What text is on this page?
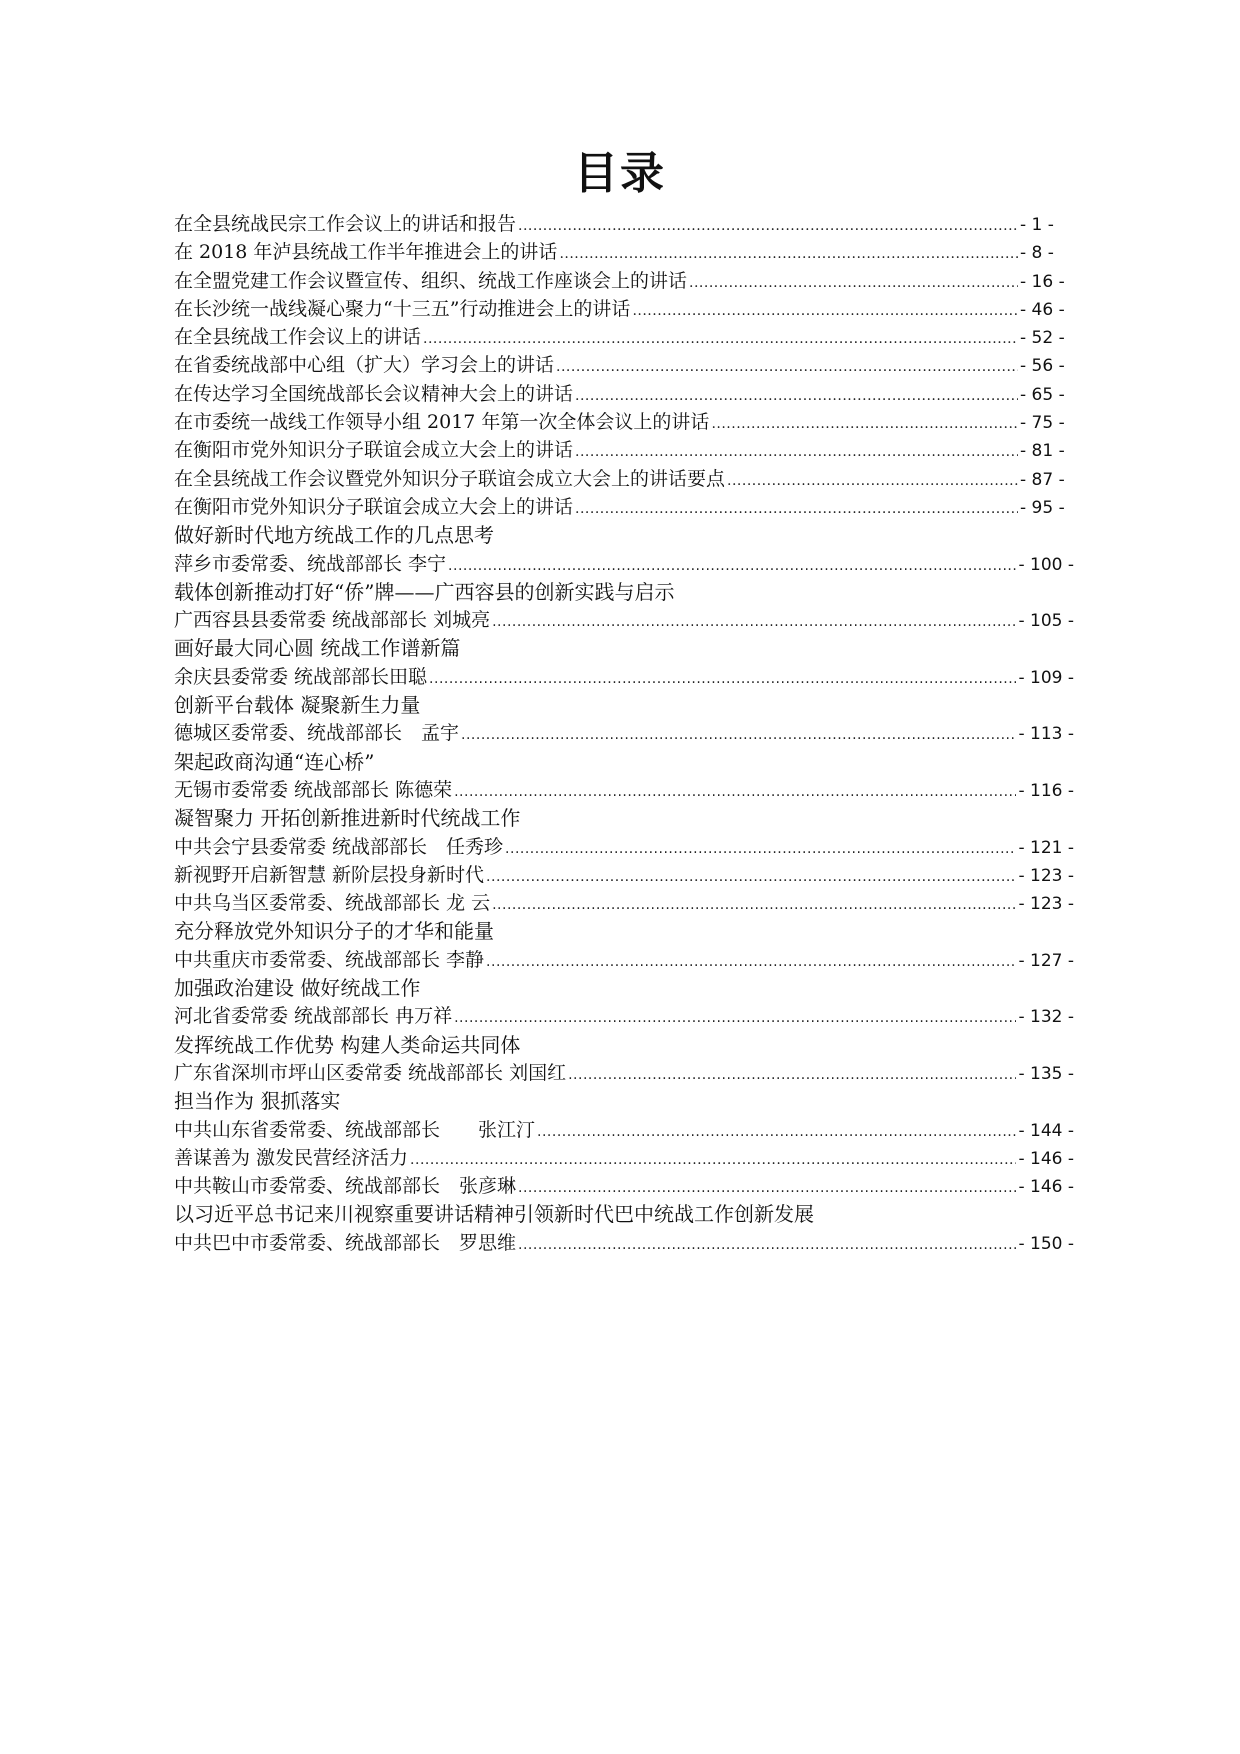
目录
在全县统战民宗工作会议上的讲话和报告 .....	- 1 -
在 2018 年泸县统战工作半年推进会上的讲话 .....	- 8 -
在全盟党建工作会议暨宣传、组织、统战工作座谈会上的讲话 .....	- 16 -
在长沙统一战线凝心聚力“十三五”行动推进会上的讲话 .....	- 46 -
在全县统战工作会议上的讲话 .....	- 52 -
在省委统战部中心组（扩大）学习会上的讲话 .....	- 56 -
在传达学习全国统战部长会议精神大会上的讲话 .....	- 65 -
在市委统一战线工作领导小组 2017 年第一次全体会议上的讲话 .....	- 75 -
在衡阳市党外知识分子联谊会成立大会上的讲话 .....	- 81 -
在全县统战工作会议暨党外知识分子联谊会成立大会上的讲话要点 .....	- 87 -
在衡阳市党外知识分子联谊会成立大会上的讲话 .....	- 95 -
做好新时代地方统战工作的几点思考
萍乡市委常委、统战部部长 李宁 .....	- 100 -
载体创新推动打好“侨”牌——广西容县的创新实践与启示
广西容县县委常委 统战部部长 刘城亮 .....	- 105 -
画好最大同心圆 统战工作谱新篇
余庆县委常委 统战部部长田聪 .....	- 109 -
创新平台载体 凝聚新生力量
德城区委常委、统战部部长　孟宇 .....	- 113 -
架起政商沟通“连心桥”
无锡市委常委 统战部部长 陈德荣 .....	- 116 -
凝智聚力 开拓创新推进新时代统战工作
中共会宁县委常委 统战部部长　任秀珍 .....	- 121 -
新视野开启新智慧 新阶层投身新时代 .....	- 123 -
中共乌当区委常委、统战部部长 龙 云 .....	- 123 -
充分释放党外知识分子的才华和能量
中共重庆市委常委、统战部部长 李静 .....	- 127 -
加强政治建设 做好统战工作
河北省委常委 统战部部长 冉万祥 .....	- 132 -
发挥统战工作优势 构建人类命运共同体
广东省深圳市坪山区委常委 统战部部长 刘国红 .....	- 135 -
担当作为 狠抓落实
中共山东省委常委、统战部部长　　张江汀 .....	- 144 -
善谋善为 激发民营经济活力 .....	- 146 -
中共鞍山市委常委、统战部部长　张彦琳 .....	- 146 -
以习近平总书记来川视察重要讲话精神引领新时代巴中统战工作创新发展
中共巴中市委常委、统战部部长　罗思维 .....	- 150 -
